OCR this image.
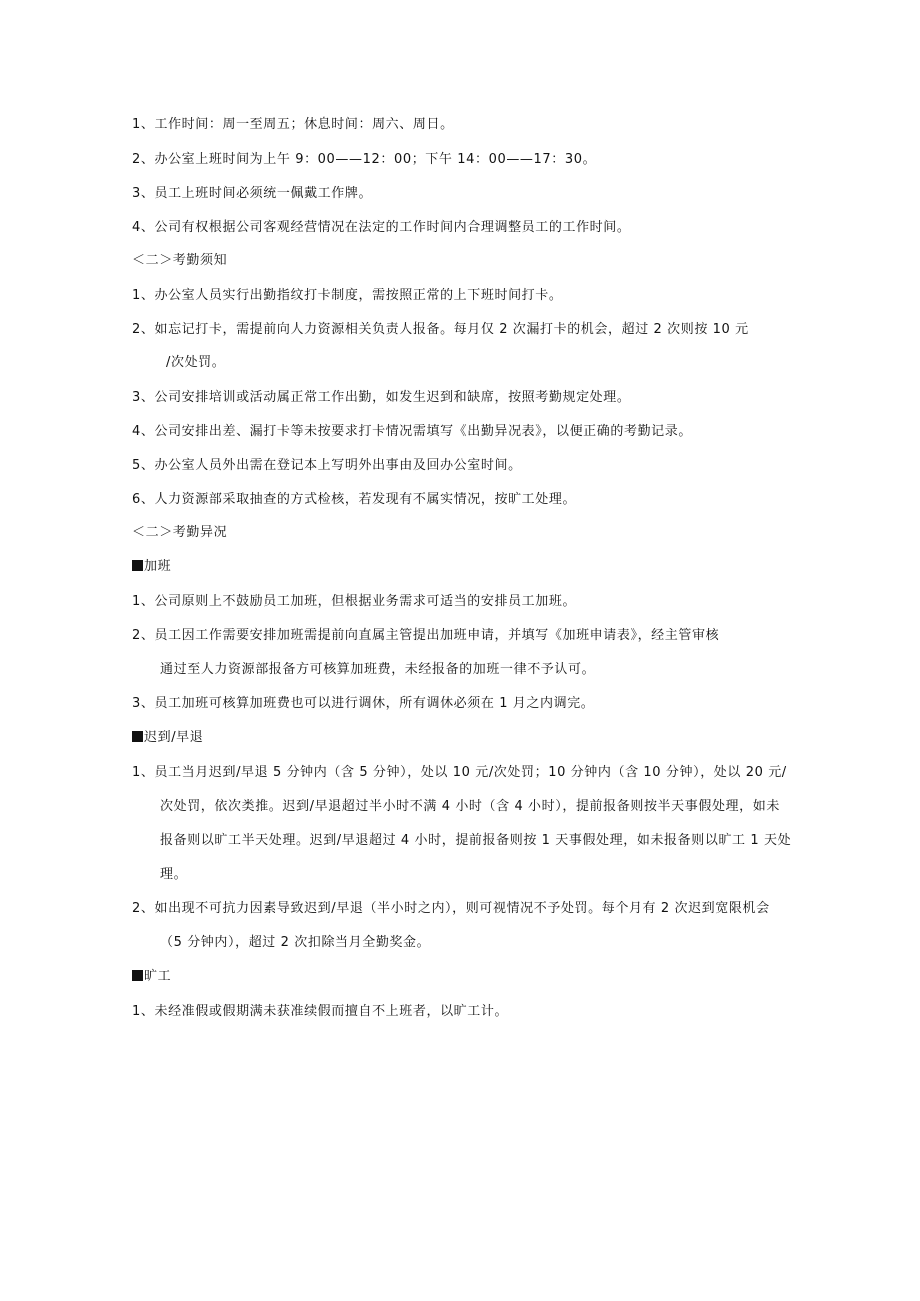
1、工作时间：周一至周五；休息时间：周六、周日。
2、办公室上班时间为上午 9：00——12：00；下午 14：00——17：30。
3、员工上班时间必须统一佩戴工作牌。
4、公司有权根据公司客观经营情况在法定的工作时间内合理调整员工的工作时间。
＜二＞考勤须知
1、办公室人员实行出勤指纹打卡制度，需按照正常的上下班时间打卡。
2、如忘记打卡，需提前向人力资源相关负责人报备。每月仅 2 次漏打卡的机会，超过 2 次则按 10 元
/次处罚。
3、公司安排培训或活动属正常工作出勤，如发生迟到和缺席，按照考勤规定处理。
4、公司安排出差、漏打卡等未按要求打卡情况需填写《出勤异况表》，以便正确的考勤记录。
5、办公室人员外出需在登记本上写明外出事由及回办公室时间。
6、人力资源部采取抽查的方式检核，若发现有不属实情况，按旷工处理。
＜二＞考勤异况
加班
1、公司原则上不鼓励员工加班，但根据业务需求可适当的安排员工加班。
2、员工因工作需要安排加班需提前向直属主管提出加班申请，并填写《加班申请表》，经主管审核
通过至人力资源部报备方可核算加班费，未经报备的加班一律不予认可。
3、员工加班可核算加班费也可以进行调休，所有调休必须在 1 月之内调完。
迟到/早退
1、员工当月迟到/早退 5 分钟内（含 5 分钟），处以 10 元/次处罚；10 分钟内（含 10 分钟），处以 20 元/
次处罚，依次类推。迟到/早退超过半小时不满 4 小时（含 4 小时），提前报备则按半天事假处理，如未
报备则以旷工半天处理。迟到/早退超过 4 小时，提前报备则按 1 天事假处理，如未报备则以旷工 1 天处
理。
2、如出现不可抗力因素导致迟到/早退（半小时之内），则可视情况不予处罚。每个月有 2 次迟到宽限机会
（5 分钟内），超过 2 次扣除当月全勤奖金。
旷工
1、未经准假或假期满未获准续假而擅自不上班者，以旷工计。
